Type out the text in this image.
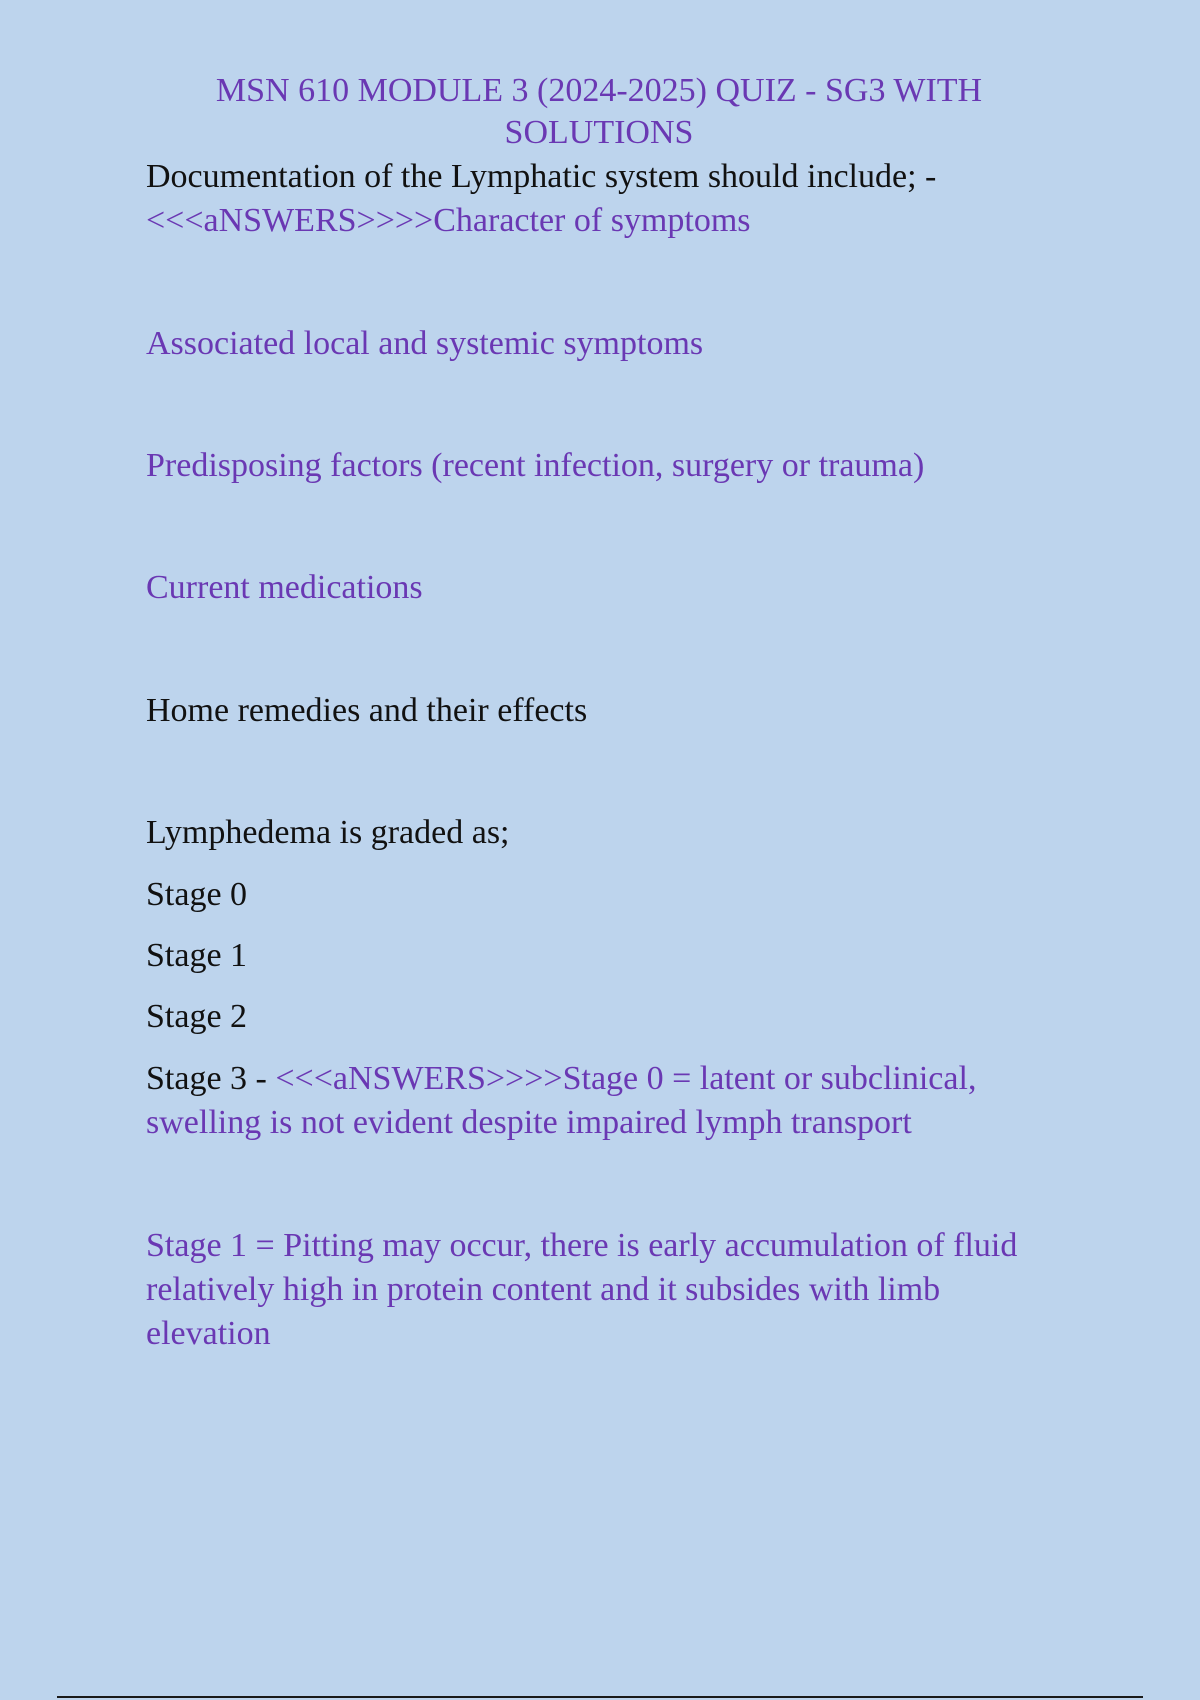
MSN 610 MODULE 3 (2024-2025) QUIZ - SG3 WITH SOLUTIONS
Documentation of the Lymphatic system should include; - <<<aNSWERS>>>>Character of symptoms
Associated local and systemic symptoms
Predisposing factors (recent infection, surgery or trauma)
Current medications
Home remedies and their effects
Lymphedema is graded as;
Stage 0
Stage 1
Stage 2
Stage 3 - <<<aNSWERS>>>>Stage 0 = latent or subclinical, swelling is not evident despite impaired lymph transport
Stage 1 = Pitting may occur, there is early accumulation of fluid relatively high in protein content and it subsides with limb elevation
